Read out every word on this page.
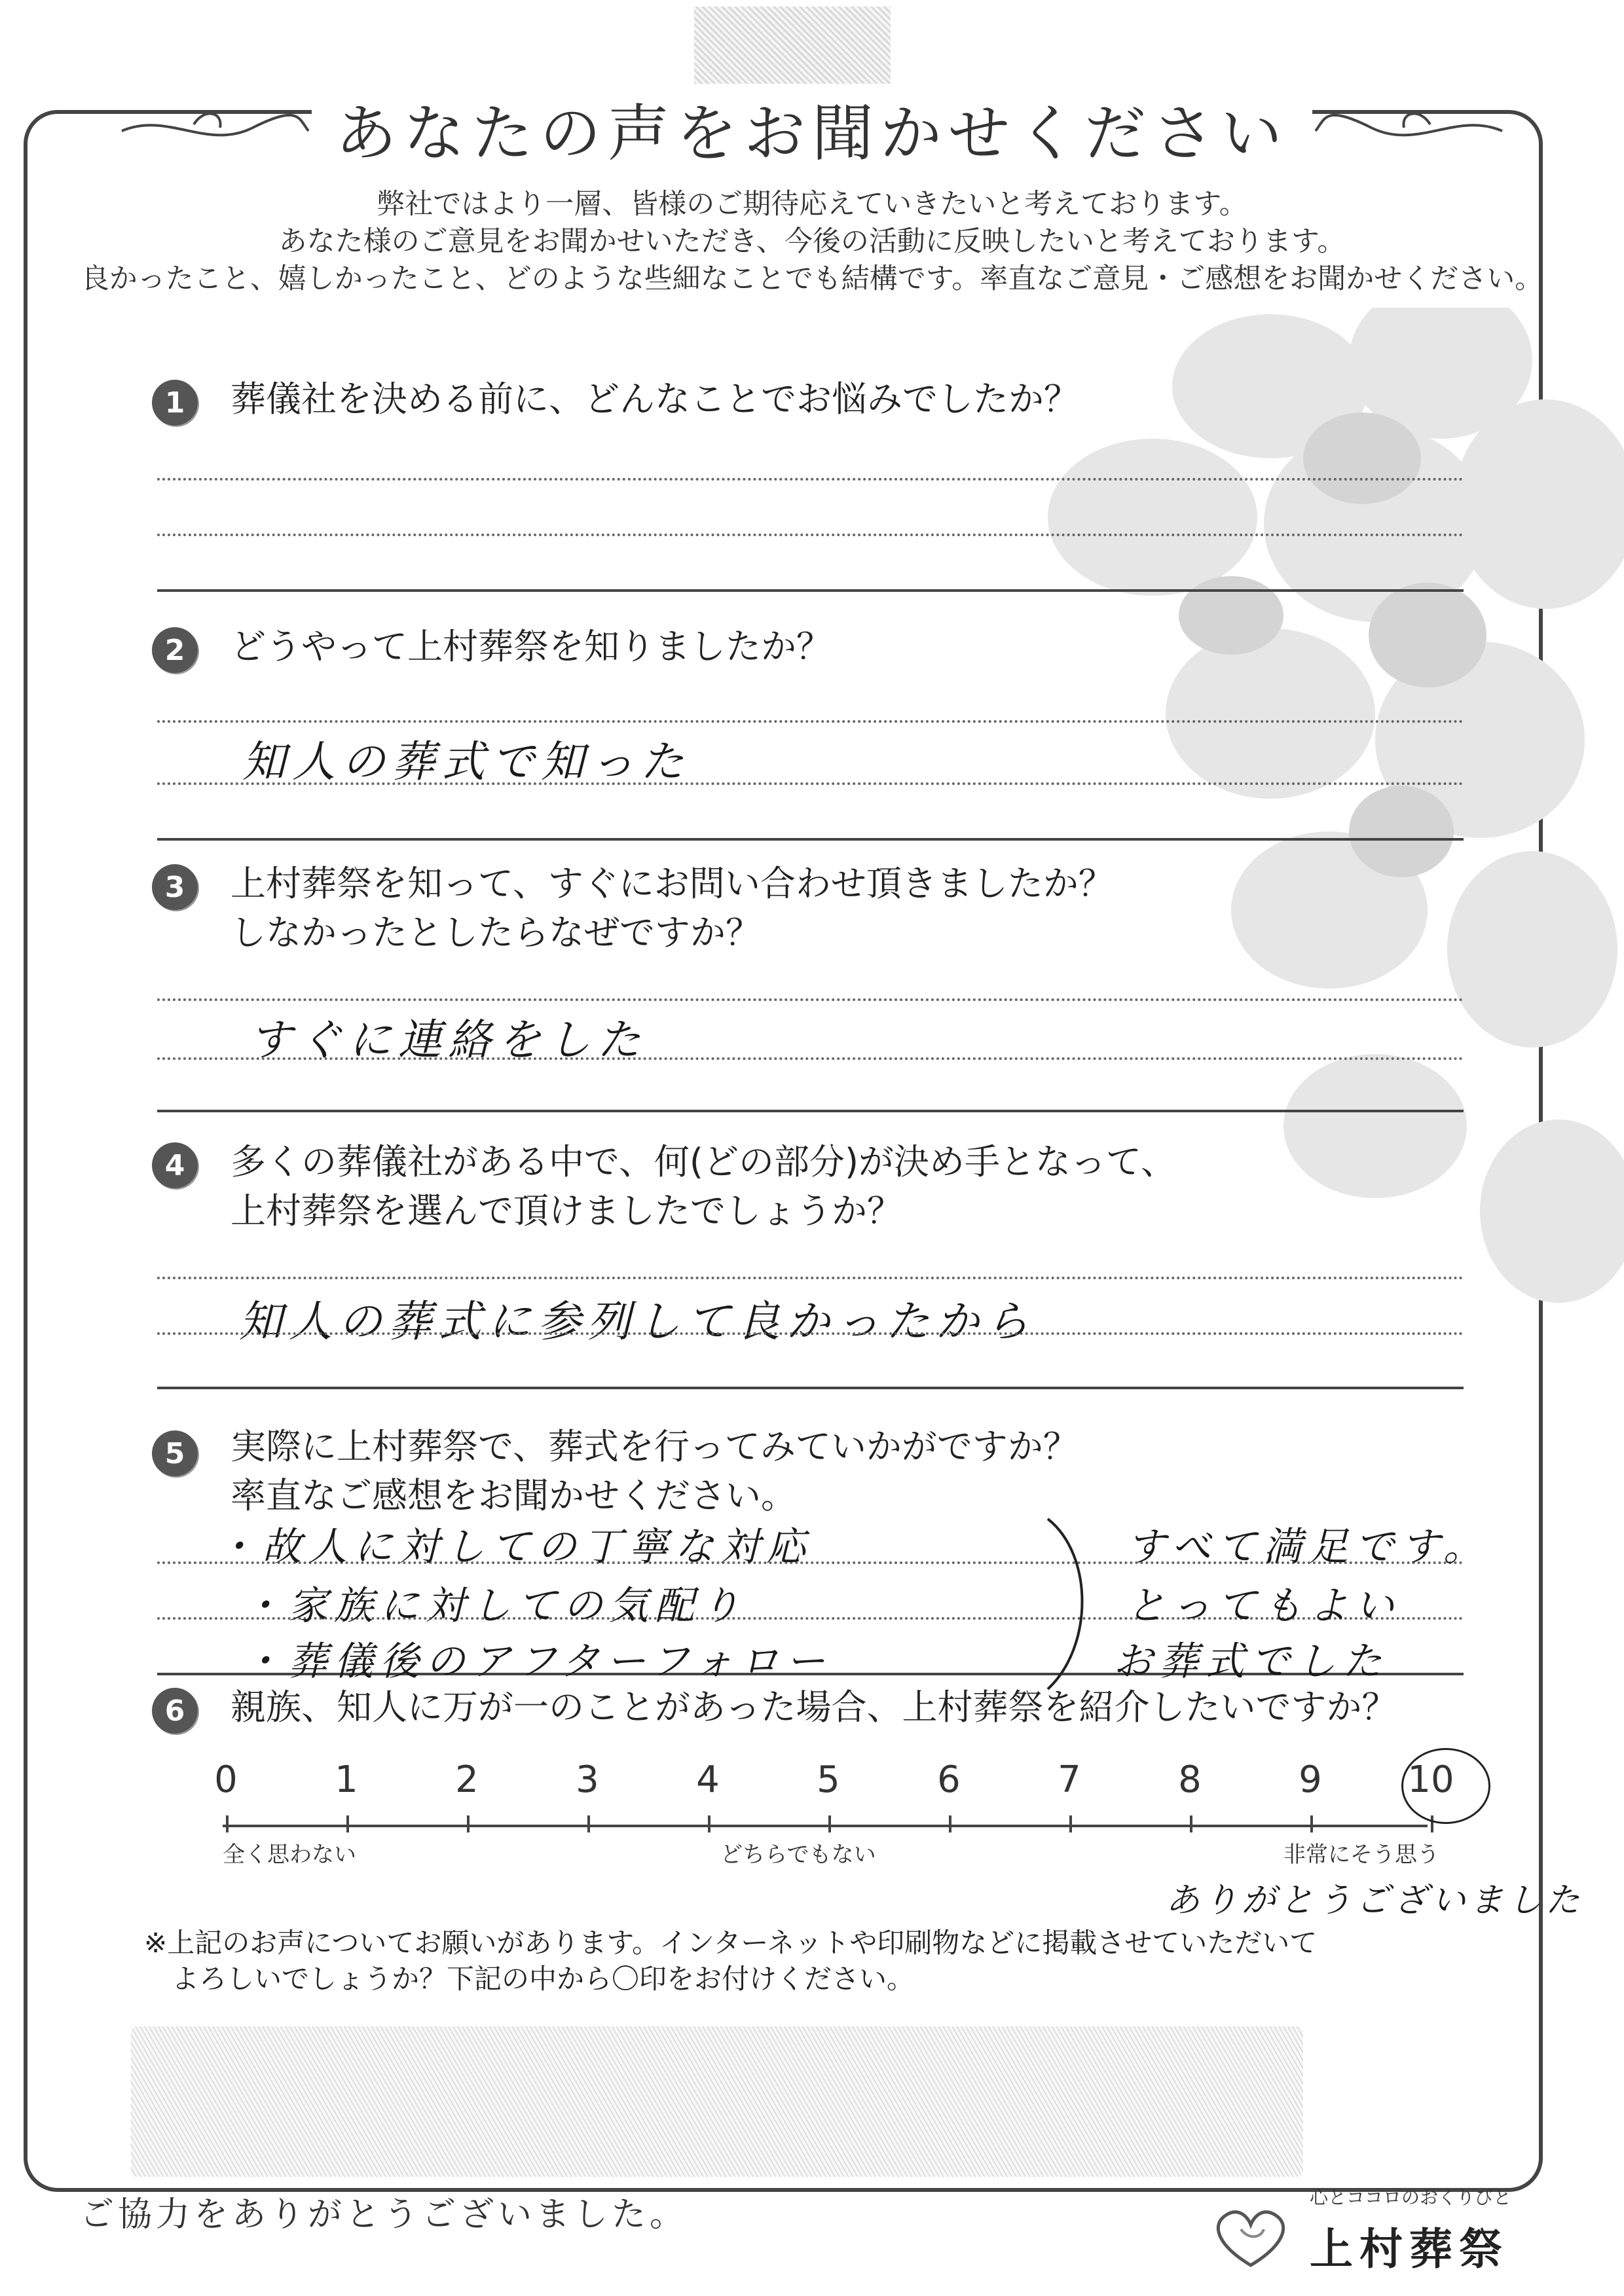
あなたの声をお聞かせください
弊社ではより一層、皆様のご期待応えていきたいと考えております。
あなた様のご意見をお聞かせいただき、今後の活動に反映したいと考えております。
良かったこと、嬉しかったこと、どのような些細なことでも結構です。率直なご意見・ご感想をお聞かせください。
1	葬儀社を決める前に、どんなことでお悩みでしたか？
2	どうやって上村葬祭を知りましたか？
知人の葬式で知った
3	上村葬祭を知って、すぐにお問い合わせ頂きましたか？
しなかったとしたらなぜですか？
すぐに連絡をした
4	多くの葬儀社がある中で、何(どの部分)が決め手となって、
上村葬祭を選んで頂けましたでしょうか？
知人の葬式に参列して良かったから
5	実際に上村葬祭で、葬式を行ってみていかがですか？
率直なご感想をお聞かせください。
・故人に対しての丁寧な対応
・家族に対しての気配り
・葬儀後のアフターフォロー
すべて満足です。
とってもよい
お葬式でした
6	親族、知人に万が一のことがあった場合、上村葬祭を紹介したいですか？
0	1	2	3	4	5	6	7	8	9	10
全く思わない	どちらでもない	非常にそう思う
ありがとうございました
※上記のお声についてお願いがあります。インターネットや印刷物などに掲載させていただいて
よろしいでしょうか？下記の中から〇印をお付けください。
ご協力をありがとうございました。	心とココロのおくりびと
上村葬祭
